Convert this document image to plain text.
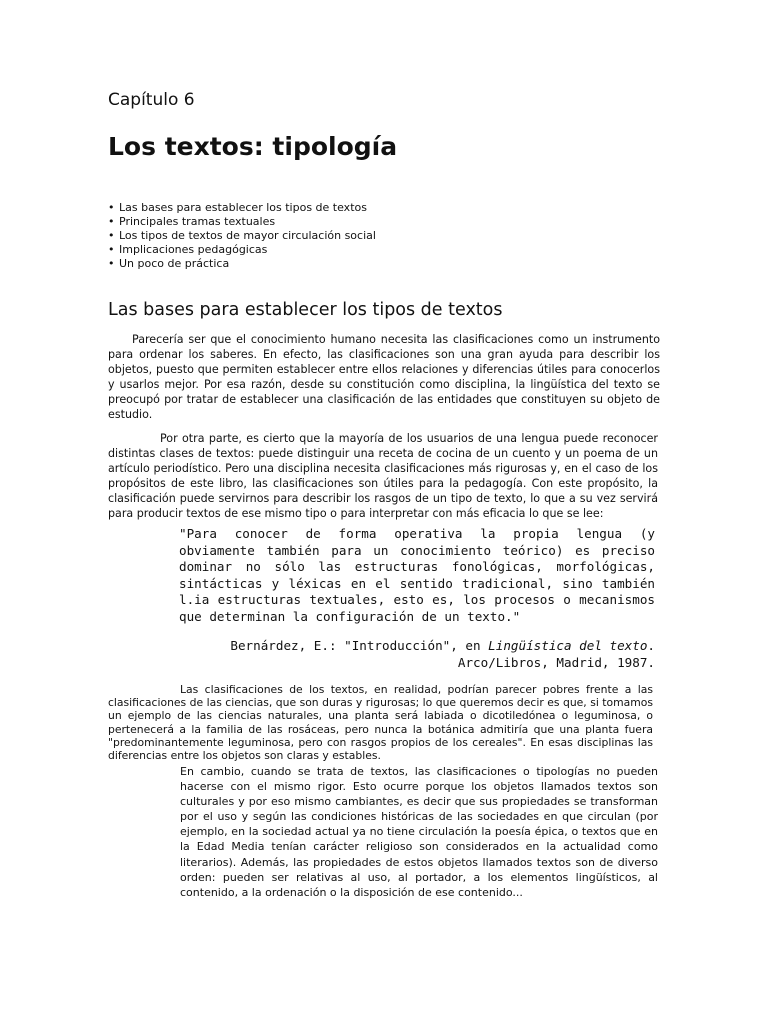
Capítulo 6
Los textos: tipología
• Las bases para establecer los tipos de textos
• Principales tramas textuales
• Los tipos de textos de mayor circulación social
• Implicaciones pedagógicas
• Un poco de práctica
Las bases para establecer los tipos de textos

Parecería ser que el conocimiento humano necesita las clasificaciones como un instrumento para ordenar los saberes. En efecto, las clasificaciones son una gran ayuda para describir los objetos, puesto que permiten establecer entre ellos relaciones y diferencias útiles para conocerlos y usarlos mejor. Por esa razón, desde su constitución como disciplina, la lingüística del texto se preocupó por tratar de establecer una clasificación de las entidades que constituyen su objeto de estudio.

Por otra parte, es cierto que la mayoría de los usuarios de una lengua puede reconocer distintas clases de textos: puede distinguir una receta de cocina de un cuento y un poema de un artículo periodístico. Pero una disciplina necesita clasificaciones más rigurosas y, en el caso de los propósitos de este libro, las clasificaciones son útiles para la pedagogía. Con este propósito, la clasificación puede servirnos para describir los rasgos de un tipo de texto, lo que a su vez servirá para producir textos de ese mismo tipo o para interpretar con más eficacia lo que se lee:

"Para conocer de forma operativa la propia lengua (y obviamente también para un conocimiento teórico) es preciso dominar no sólo las estructuras fonológicas, morfológicas, sintácticas y léxicas en el sentido tradicional, sino también l.ia estructuras textuales, esto es, los procesos o mecanismos que determinan la configuración de un texto."

Bernárdez, E.: "Introducción", en Lingüística del texto.
Arco/Libros, Madrid, 1987.

Las clasificaciones de los textos, en realidad, podrían parecer pobres frente a las clasificaciones de las ciencias, que son duras y rigurosas; lo que queremos decir es que, si tomamos un ejemplo de las ciencias naturales, una planta será labiada o dicotiledónea o leguminosa, o pertenecerá a la familia de las rosáceas, pero nunca la botánica admitiría que una planta fuera "predominantemente leguminosa, pero con rasgos propios de los cereales". En esas disciplinas las diferencias entre los objetos son claras y estables.

En cambio, cuando se trata de textos, las clasificaciones o tipologías no pueden hacerse con el mismo rigor. Esto ocurre porque los objetos llamados textos son culturales y por eso mismo cambiantes, es decir que sus propiedades se transforman por el uso y según las condiciones históricas de las sociedades en que circulan (por ejemplo, en la sociedad actual ya no tiene circulación la poesía épica, o textos que en la Edad Media tenían carácter religioso son considerados en la actualidad como literarios). Además, las propiedades de estos objetos llamados textos son de diverso orden: pueden ser relativas al uso, al portador, a los elementos lingüísticos, al contenido, a la ordenación o la disposición de ese contenido...
